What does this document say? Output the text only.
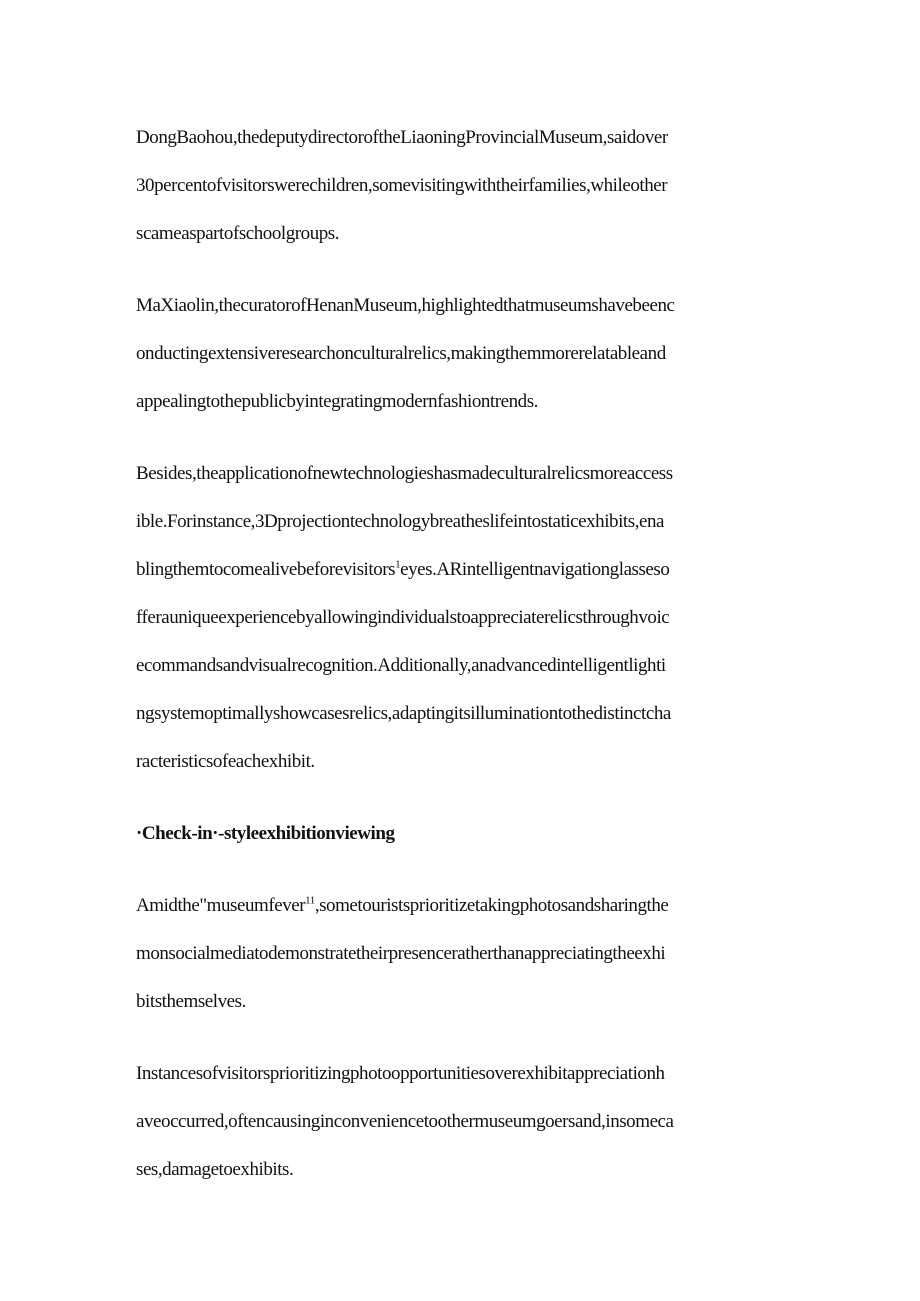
DongBaohou,thedeputydirectoroftheLiaoningProvincialMuseum,saidover
30percentofvisitorswerechildren,somevisitingwiththeirfamilies,whileother
scameaspartofschoolgroups.

MaXiaolin,thecuratorofHenanMuseum,highlightedthatmuseumshavebeenc
onductingextensiveresearchonculturalrelics,makingthemmorerelatableand
appealingtothepublicbyintegratingmodernfashiontrends.

Besides,theapplicationofnewtechnologieshasmadeculturalrelicsmoreaccess
ible.Forinstance,3Dprojectiontechnologybreatheslifeintostaticexhibits,ena
blingthemtocomealivebeforevisitors$^1$eyes.ARintelligentnavigationglasseso
fferauniqueexperiencebyallowingindividualstoappreciaterelicsthroughvoic
ecommandsandvisualrecognition.Additionally,anadvancedintelligentlighti
ngsystemoptimallyshowcasesrelics,adaptingitsilluminationtothedistinctcha
racteristicsofeachexhibit.

·Check-in·-styleexhibitionviewing

Amidthe"museumfever$^{11}$,sometouristsprioritizetakingphotosandsharingthe
monsocialmediatodemonstratetheirpresenceratherthanappreciatingtheexhi
bitsthemselves.

Instancesofvisitorsprioritizingphotoopportunitiesoverexhibitappreciationh
aveoccurred,oftencausinginconveniencetoothermuseumgoersand,insomeca
ses,damagetoexhibits.
